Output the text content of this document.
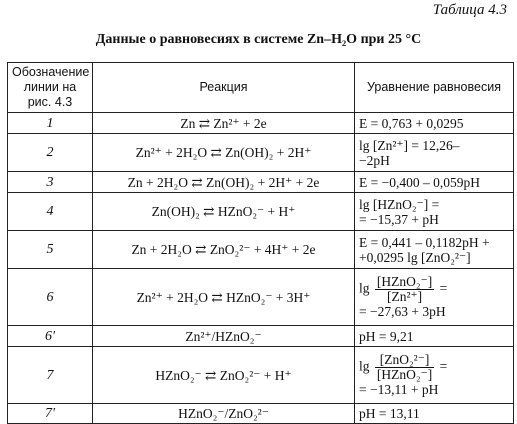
Таблица 4.3
Данные о равновесиях в системе Zn–H₂O при 25 °C
Обозначение линии на рис. 4.3	Реакция	Уравнение равновесия
1	Zn ⇄ Zn²⁺ + 2e	E = 0,763 + 0,0295
2	Zn²⁺ + 2H₂O ⇄ Zn(OH)₂ + 2H⁺	lg [Zn²⁺] = 12,26–
−2pH

3	Zn + 2H₂O ⇄ Zn(OH)₂ + 2H⁺ + 2e	E = −0,400 – 0,059pH
4	Zn(OH)₂ ⇄ HZnO₂⁻ + H⁺	lg [HZnO₂⁻] =
= −15,37 + pH

5	Zn + 2H₂O ⇄ ZnO₂²⁻ + 4H⁺ + 2e	E = 0,441 – 0,1182pH +
+0,0295 lg [ZnO₂²⁻]

6	Zn²⁺ + 2H₂O ⇄ HZnO₂⁻ + 3H⁺	$\lg \frac{\text{[HZnO₂⁻]}}{\text{[Zn²⁺]}}$ =
= −27,63 + 3pH

6′	Zn²⁺/HZnO₂⁻	pH = 9,21
7	HZnO₂⁻ ⇄ ZnO₂²⁻ + H⁺	$\lg \frac{\text{[ZnO₂²⁻]}}{\text{[HZnO₂⁻]}}$ =
= −13,11 + pH

7′	HZnO₂⁻/ZnO₂²⁻	pH = 13,11
